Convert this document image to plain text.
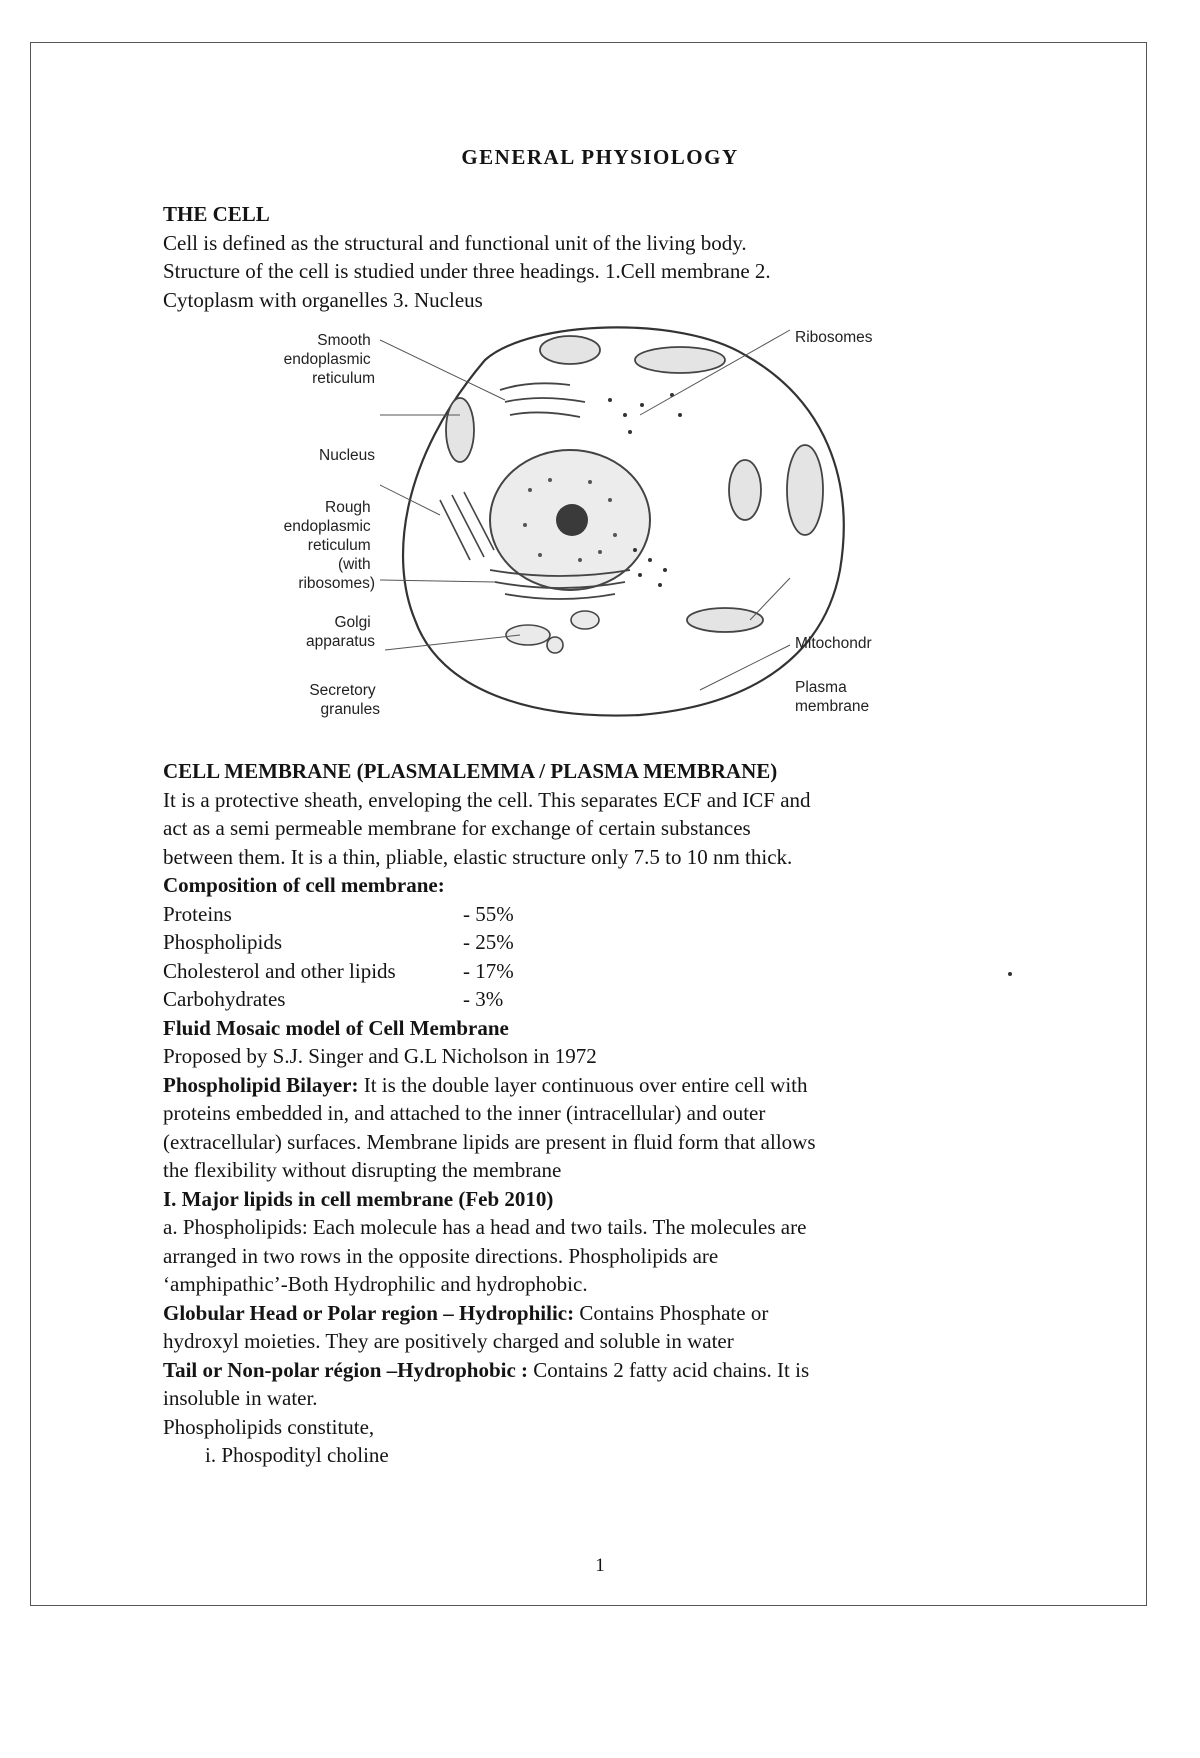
GENERAL PHYSIOLOGY

THE CELL

Cell is defined as the structural and functional unit of the living body.

Structure of the cell is studied under three headings. 1.Cell membrane 2.

Cytoplasm with organelles 3. Nucleus

Smooth endoplasmic reticulum
Nucleus
Rough endoplasmic reticulum (with ribosomes)
Golgi apparatus
Secretory granules
Ribosomes
Mitochondr
Plasma membrane

CELL MEMBRANE (PLASMALEMMA / PLASMA MEMBRANE)

It is a protective sheath, enveloping the cell. This separates ECF and ICF and

act as a semi permeable membrane for exchange of certain substances

between them. It is a thin, pliable, elastic structure only 7.5 to 10 nm thick.

Composition of cell membrane:

Proteins	- 55%
Phospholipids	- 25%
Cholesterol and other lipids	- 17%
Carbohydrates	- 3%

Fluid Mosaic model of Cell Membrane

Proposed by S.J. Singer and G.L Nicholson in 1972

Phospholipid Bilayer: It is the double layer continuous over entire cell with

proteins embedded in, and attached to the inner (intracellular) and outer

(extracellular) surfaces. Membrane lipids are present in fluid form that allows

the flexibility without disrupting the membrane

I. Major lipids in cell membrane (Feb 2010)

a. Phospholipids: Each molecule has a head and two tails. The molecules are

arranged in two rows in the opposite directions. Phospholipids are

‘amphipathic’-Both Hydrophilic and hydrophobic.

Globular Head or Polar region – Hydrophilic: Contains Phosphate or

hydroxyl moieties. They are positively charged and soluble in water

Tail or Non-polar région –Hydrophobic : Contains 2 fatty acid chains. It is

insoluble in water.

Phospholipids constitute,

i. Phospodityl choline

1
